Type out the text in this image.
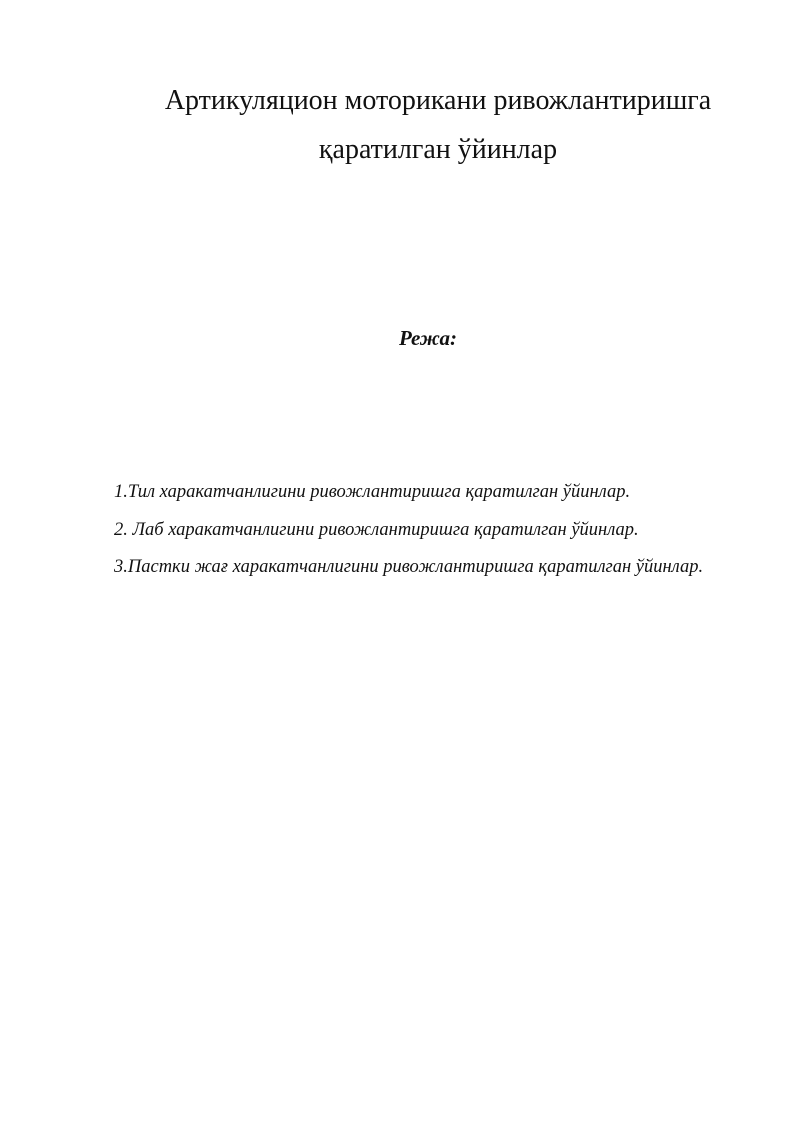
Артикуляцион моторикани ривожлантиришга
қаратилган ўйинлар
Режа:
1.Тил харакатчанлигини ривожлантиришга қаратилган ўйинлар.
2. Лаб харакатчанлигини ривожлантиришга қаратилган ўйинлар.
3.Пастки жағ харакатчанлигини ривожлантиришга қаратилган ўйинлар.
